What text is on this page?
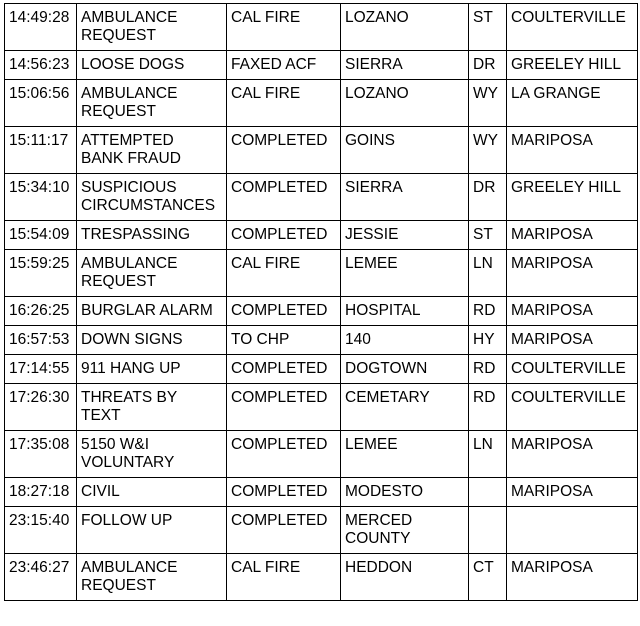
14:49:28	AMBULANCE
REQUEST	CAL FIRE	LOZANO	ST	COULTERVILLE
14:56:23	LOOSE DOGS	FAXED ACF	SIERRA	DR	GREELEY HILL
15:06:56	AMBULANCE
REQUEST	CAL FIRE	LOZANO	WY	LA GRANGE
15:11:17	ATTEMPTED
BANK FRAUD	COMPLETED	GOINS	WY	MARIPOSA
15:34:10	SUSPICIOUS
CIRCUMSTANCES	COMPLETED	SIERRA	DR	GREELEY HILL
15:54:09	TRESPASSING	COMPLETED	JESSIE	ST	MARIPOSA
15:59:25	AMBULANCE
REQUEST	CAL FIRE	LEMEE	LN	MARIPOSA
16:26:25	BURGLAR ALARM	COMPLETED	HOSPITAL	RD	MARIPOSA
16:57:53	DOWN SIGNS	TO CHP	140	HY	MARIPOSA
17:14:55	911 HANG UP	COMPLETED	DOGTOWN	RD	COULTERVILLE
17:26:30	THREATS BY
TEXT	COMPLETED	CEMETARY	RD	COULTERVILLE
17:35:08	5150 W&I
VOLUNTARY	COMPLETED	LEMEE	LN	MARIPOSA
18:27:18	CIVIL	COMPLETED	MODESTO		MARIPOSA
23:15:40	FOLLOW UP	COMPLETED	MERCED
COUNTY		
23:46:27	AMBULANCE
REQUEST	CAL FIRE	HEDDON	CT	MARIPOSA
